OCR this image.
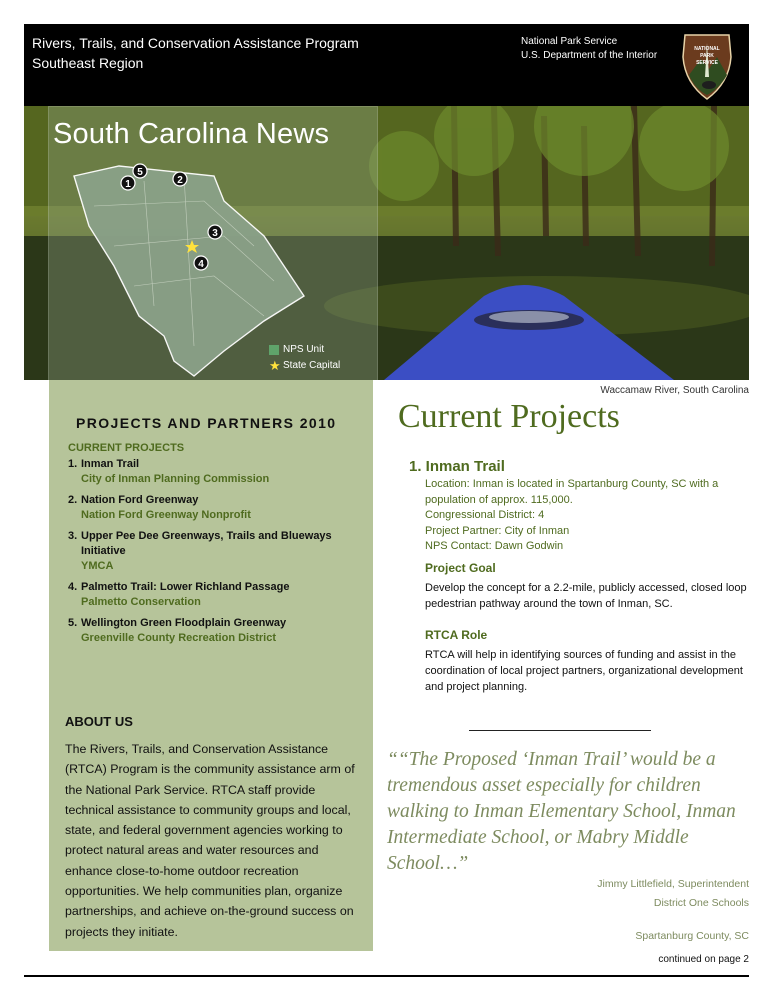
Rivers, Trails, and Conservation Assistance Program
Southeast Region
National Park Service
U.S. Department of the Interior
NATIONAL
PARK
SERVICE
1	2
3
4
5
South Carolina News
NPS Unit
★ State Capital
Waccamaw River, South Carolina
PROJECTS AND PARTNERS 2010
CURRENT PROJECTS
1. Inman Trail
City of Inman Planning Commission
2. Nation Ford Greenway
Nation Ford Greenway Nonprofit
3. Upper Pee Dee Greenways, Trails and Blueways Initiative
YMCA
4. Palmetto Trail: Lower Richland Passage
Palmetto Conservation
5. Wellington Green Floodplain Greenway
Greenville County Recreation District
ABOUT US
The Rivers, Trails, and Conservation Assistance (RTCA) Program is the community assistance arm of the National Park Service. RTCA staff provide technical assistance to community groups and local, state, and federal government agencies working to protect natural areas and water resources and enhance close-to-home outdoor recreation opportunities. We help communities plan, organize partnerships, and achieve on-the-ground success on projects they initiate.
Current Projects
1. Inman Trail
Location: Inman is located in Spartanburg County, SC with a population of approx. 115,000.
Congressional District: 4
Project Partner: City of Inman
NPS Contact: Dawn Godwin
Project Goal
Develop the concept for a 2.2-mile, publicly accessed, closed loop pedestrian pathway around the town of Inman, SC.
RTCA Role
RTCA will help in identifying sources of funding and assist in the coordination of local project partners, organizational development and project planning.
““The Proposed ‘Inman Trail’ would be a tremendous asset especially for children walking to Inman Elementary School, Inman Intermediate School, or Mabry Middle School…”
Jimmy Littlefield, Superintendent
District One Schools
Spartanburg County, SC
continued on page 2
